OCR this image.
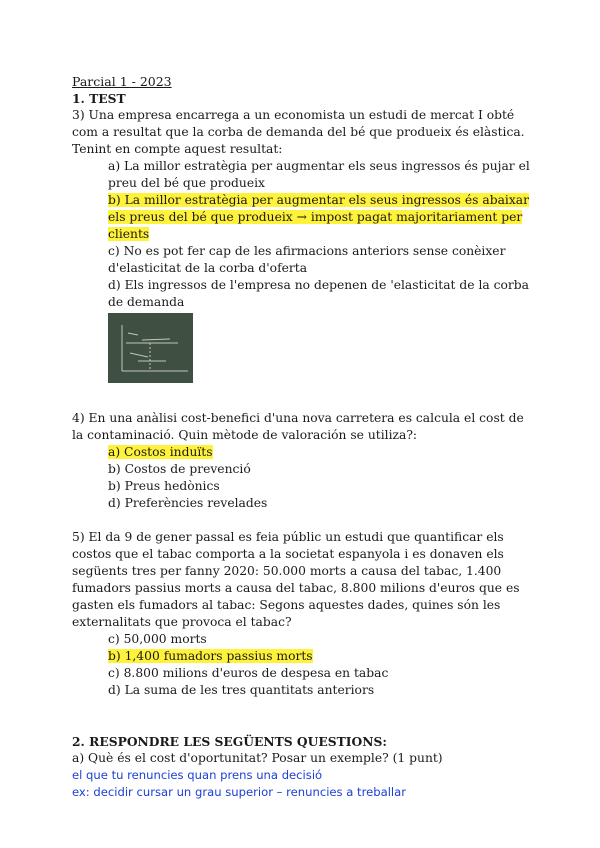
Parcial 1 - 2023
1. TEST
3) Una empresa encarrega a un economista un estudi de mercat I obté com a resultat que la corba de demanda del bé que produeix és elàstica. Tenint en compte aquest resultat:
a) La millor estratègia per augmentar els seus ingressos és pujar el preu del bé que produeix
b) La millor estratègia per augmentar els seus ingressos és abaixar els preus del bé que produeix → impost pagat majoritariament per clients
c) No es pot fer cap de les afirmacions anteriors sense conèixer d'elasticitat de la corba d'oferta
d) Els ingressos de l'empresa no depenen de 'elasticitat de la corba de demanda
4) En una anàlisi cost-benefici d'una nova carretera es calcula el cost de la contaminació. Quin mètode de valoración se utiliza?:
a) Costos induïts
b) Costos de prevenció
b) Preus hedònics
d) Preferències revelades
5) El da 9 de gener passal es feia públic un estudi que quantificar els costos que el tabac comporta a la societat espanyola i es donaven els següents tres per fanny 2020: 50.000 morts a causa del tabac, 1.400 fumadors passius morts a causa del tabac, 8.800 milions d'euros que es gasten els fumadors al tabac: Segons aquestes dades, quines són les externalitats que provoca el tabac?
c) 50,000 morts
b) 1,400 fumadors passius morts
c) 8.800 milions d'euros de despesa en tabac
d) La suma de les tres quantitats anteriors
2. RESPONDRE LES SEGÜENTS QUESTIONS:
a) Què és el cost d'oportunitat? Posar un exemple? (1 punt)
el que tu renuncies quan prens una decisió
ex: decidir cursar un grau superior – renuncies a treballar
